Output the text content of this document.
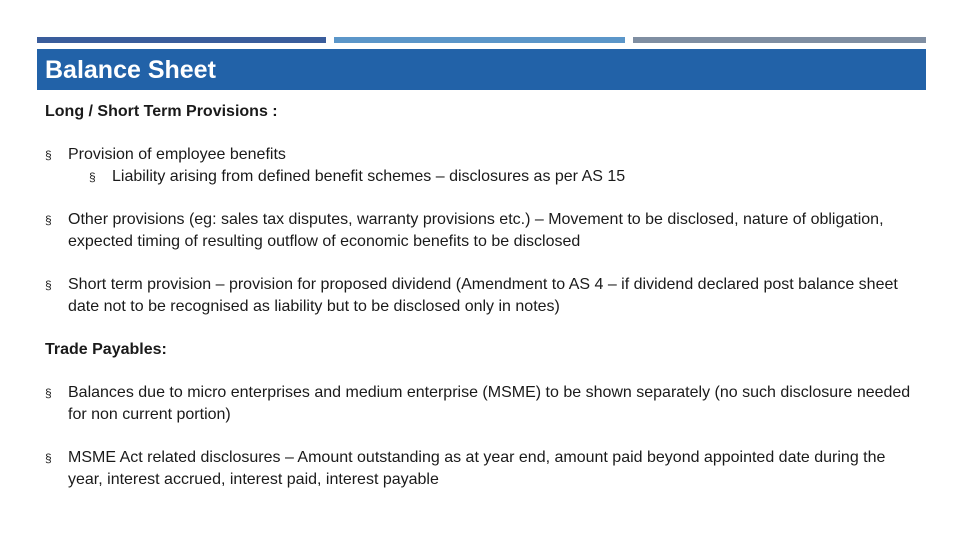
Balance Sheet

Long / Short Term Provisions :

§ Provision of employee benefits
§ Liability arising from defined benefit schemes – disclosures as per AS 15
§ Other provisions (eg: sales tax disputes, warranty provisions etc.) – Movement to be disclosed, nature of obligation, expected timing of resulting outflow of economic benefits to be disclosed
§ Short term provision – provision for proposed dividend (Amendment to AS 4 – if dividend declared post balance sheet date not to be recognised as liability but to be disclosed only in notes)

Trade Payables:

§ Balances due to micro enterprises and medium enterprise (MSME) to be shown separately (no such disclosure needed for non current portion)
§ MSME Act related disclosures – Amount outstanding as at year end, amount paid beyond appointed date during the year, interest accrued, interest paid, interest payable
